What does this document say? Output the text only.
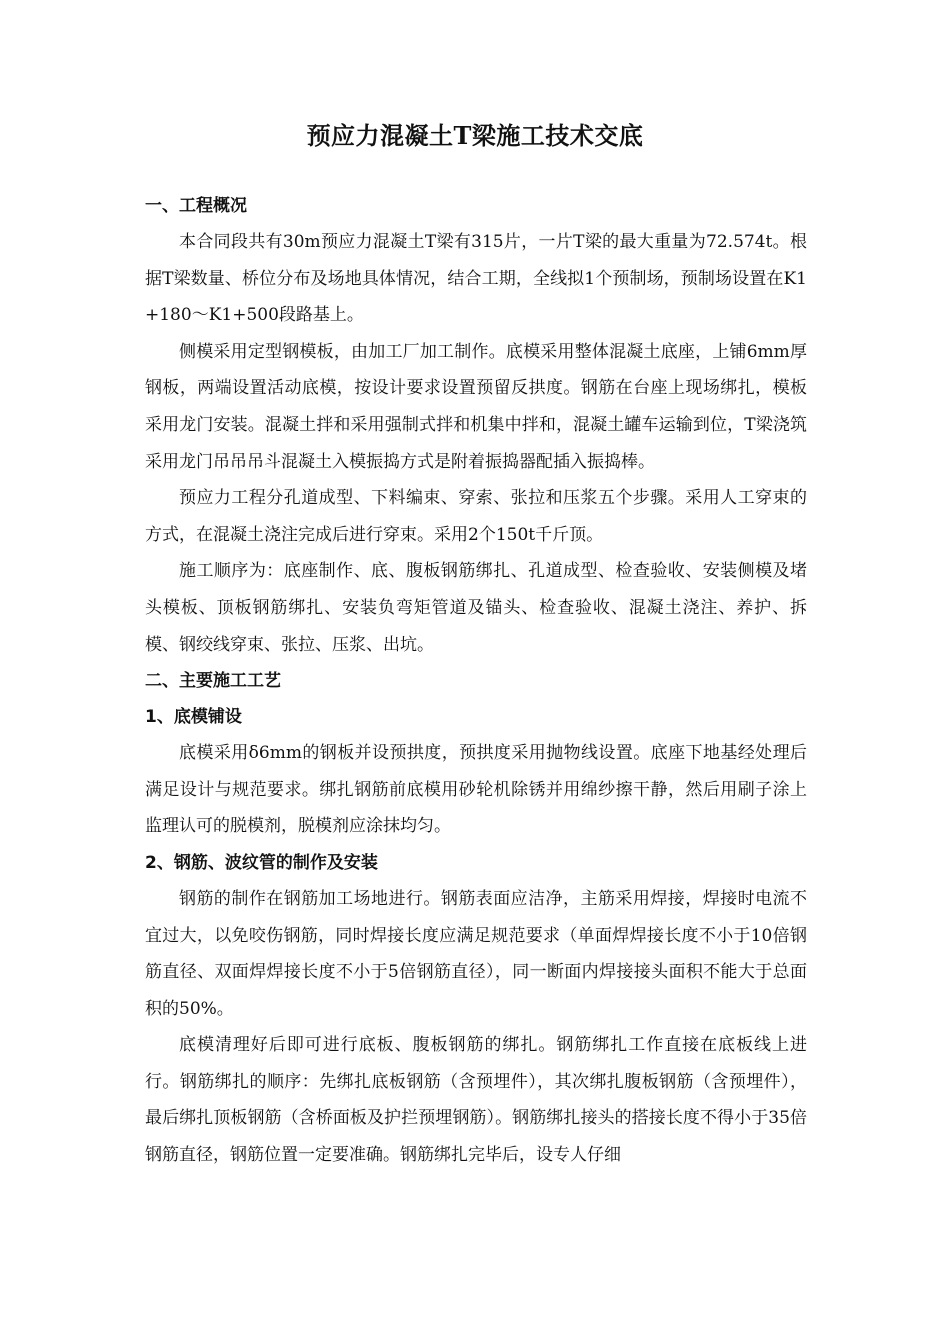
预应力混凝土T梁施工技术交底
一、工程概况

本合同段共有30m预应力混凝土T梁有315片，一片T梁的最大重量为72.574t。根据T梁数量、桥位分布及场地具体情况，结合工期，全线拟1个预制场，预制场设置在K1+180～K1+500段路基上。

侧模采用定型钢模板，由加工厂加工制作。底模采用整体混凝土底座，上铺6mm厚钢板，两端设置活动底模，按设计要求设置预留反拱度。钢筋在台座上现场绑扎，模板采用龙门安装。混凝土拌和采用强制式拌和机集中拌和，混凝土罐车运输到位，T梁浇筑采用龙门吊吊吊斗混凝土入模振捣方式是附着振捣器配插入振捣棒。

预应力工程分孔道成型、下料编束、穿索、张拉和压浆五个步骤。采用人工穿束的方式，在混凝土浇注完成后进行穿束。采用2个150t千斤顶。

施工顺序为：底座制作、底、腹板钢筋绑扎、孔道成型、检查验收、安装侧模及堵头模板、顶板钢筋绑扎、安装负弯矩管道及锚头、检查验收、混凝土浇注、养护、拆模、钢绞线穿束、张拉、压浆、出坑。

二、主要施工工艺
1、底模铺设

底模采用δ6mm的钢板并设预拱度，预拱度采用抛物线设置。底座下地基经处理后满足设计与规范要求。绑扎钢筋前底模用砂轮机除锈并用绵纱擦干静，然后用刷子涂上监理认可的脱模剂，脱模剂应涂抹均匀。

2、钢筋、波纹管的制作及安装

钢筋的制作在钢筋加工场地进行。钢筋表面应洁净，主筋采用焊接，焊接时电流不宜过大，以免咬伤钢筋，同时焊接长度应满足规范要求（单面焊焊接长度不小于10倍钢筋直径、双面焊焊接长度不小于5倍钢筋直径），同一断面内焊接接头面积不能大于总面积的50%。

底模清理好后即可进行底板、腹板钢筋的绑扎。钢筋绑扎工作直接在底板线上进行。钢筋绑扎的顺序：先绑扎底板钢筋（含预埋件），其次绑扎腹板钢筋（含预埋件），最后绑扎顶板钢筋（含桥面板及护拦预埋钢筋）。钢筋绑扎接头的搭接长度不得小于35倍钢筋直径，钢筋位置一定要准确。钢筋绑扎完毕后，设专人仔细
